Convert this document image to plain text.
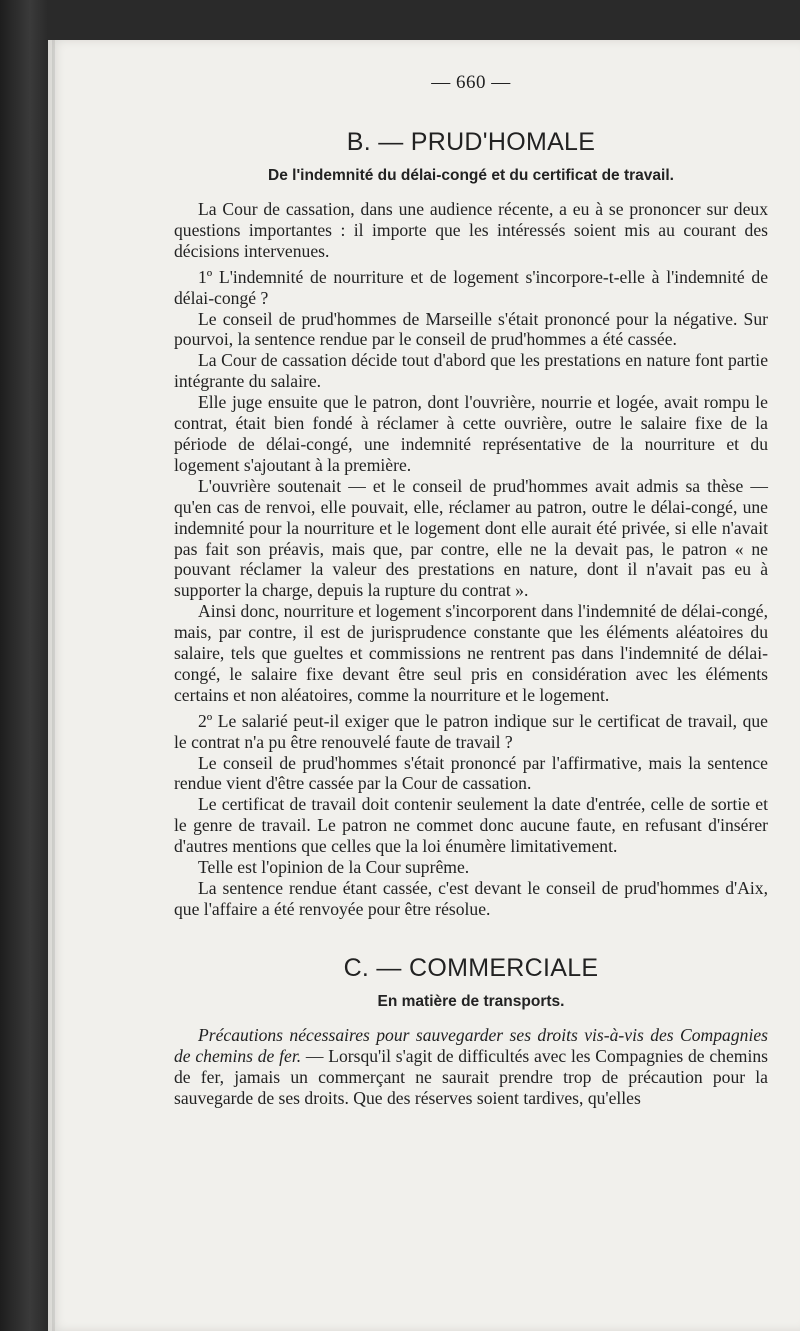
— 660 —
B. — PRUD'HOMALE
De l'indemnité du délai-congé et du certificat de travail.

La Cour de cassation, dans une audience récente, a eu à se prononcer sur deux questions importantes : il importe que les intéressés soient mis au courant des décisions intervenues.

1º L'indemnité de nourriture et de logement s'incorpore-t-elle à l'indemnité de délai-congé ?

Le conseil de prud'hommes de Marseille s'était prononcé pour la négative. Sur pourvoi, la sentence rendue par le conseil de prud'hommes a été cassée.

La Cour de cassation décide tout d'abord que les prestations en nature font partie intégrante du salaire.

Elle juge ensuite que le patron, dont l'ouvrière, nourrie et logée, avait rompu le contrat, était bien fondé à réclamer à cette ouvrière, outre le salaire fixe de la période de délai-congé, une indemnité représentative de la nourriture et du logement s'ajoutant à la première.

L'ouvrière soutenait — et le conseil de prud'hommes avait admis sa thèse — qu'en cas de renvoi, elle pouvait, elle, réclamer au patron, outre le délai-congé, une indemnité pour la nourriture et le logement dont elle aurait été privée, si elle n'avait pas fait son préavis, mais que, par contre, elle ne la devait pas, le patron « ne pouvant réclamer la valeur des prestations en nature, dont il n'avait pas eu à supporter la charge, depuis la rupture du contrat ».

Ainsi donc, nourriture et logement s'incorporent dans l'indemnité de délai-congé, mais, par contre, il est de jurisprudence constante que les éléments aléatoires du salaire, tels que gueltes et commissions ne rentrent pas dans l'indemnité de délai-congé, le salaire fixe devant être seul pris en considération avec les éléments certains et non aléatoires, comme la nourriture et le logement.

2º Le salarié peut-il exiger que le patron indique sur le certificat de travail, que le contrat n'a pu être renouvelé faute de travail ?

Le conseil de prud'hommes s'était prononcé par l'affirmative, mais la sentence rendue vient d'être cassée par la Cour de cassation.

Le certificat de travail doit contenir seulement la date d'entrée, celle de sortie et le genre de travail. Le patron ne commet donc aucune faute, en refusant d'insérer d'autres mentions que celles que la loi énumère limitativement.

Telle est l'opinion de la Cour suprême.

La sentence rendue étant cassée, c'est devant le conseil de prud'hommes d'Aix, que l'affaire a été renvoyée pour être résolue.

C. — COMMERCIALE
En matière de transports.

Précautions nécessaires pour sauvegarder ses droits vis-à-vis des Compagnies de chemins de fer. — Lorsqu'il s'agit de difficultés avec les Compagnies de chemins de fer, jamais un commerçant ne saurait prendre trop de précaution pour la sauvegarde de ses droits. Que des réserves soient tardives, qu'elles
